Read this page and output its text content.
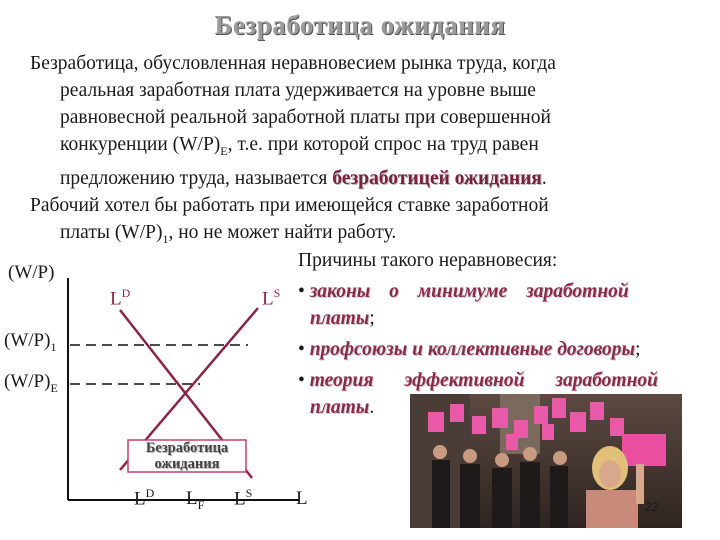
Безработица ожидания
Безработица, обусловленная неравновесием рынка труда, когда
реальная заработная плата удерживается на уровне выше
равновесной реальной заработной платы при совершенной
конкуренции $(W/P)_E$, т.е. при которой спрос на труд равен
предложению труда, называется безработицей ожидания.
Рабочий хотел бы работать при имеющейся ставке заработной
платы $(W/P)_1$, но не может найти работу.
Причины такого неравновесия:
• законы о минимуме заработной
платы;
• профсоюзы и коллективные договоры;
• теория эффективной заработной
платы.
(W/P)
$(W/P)_1$
$(W/P)_E$
$L^D$	$L^S$
Безработица
ожидания
$L^D$ $L_F$ $L^S$ L	22
